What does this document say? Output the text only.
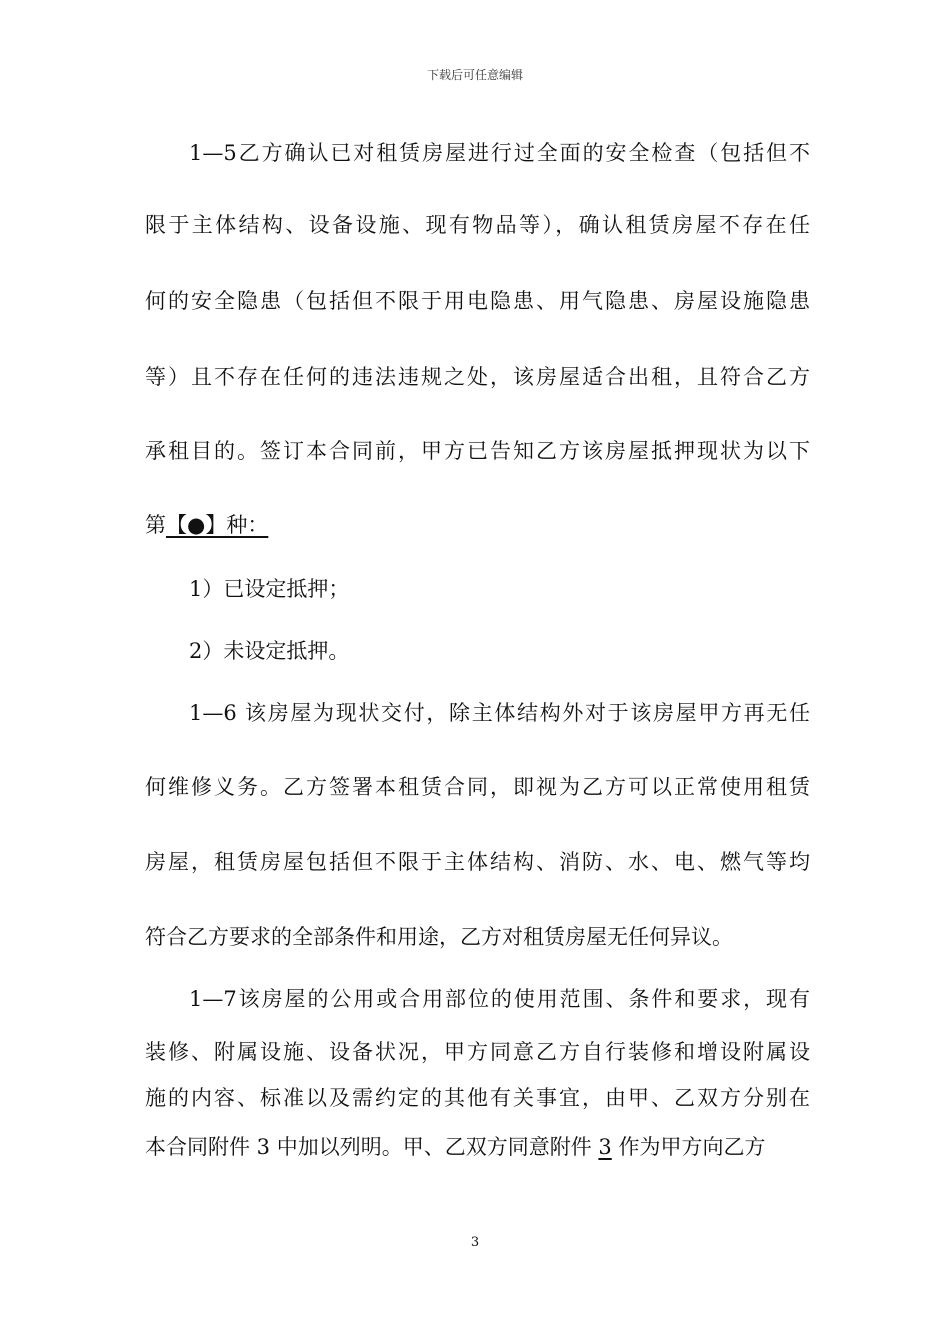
下载后可任意编辑
1—5乙方确认已对租赁房屋进行过全面的安全检查（包括但不
限于主体结构、设备设施、现有物品等），确认租赁房屋不存在任
何的安全隐患（包括但不限于用电隐患、用气隐患、房屋设施隐患
等）且不存在任何的违法违规之处，该房屋适合出租，且符合乙方
承租目的。签订本合同前，甲方已告知乙方该房屋抵押现状为以下
第【●】种：
1）已设定抵押；
2）未设定抵押。
1—6 该房屋为现状交付，除主体结构外对于该房屋甲方再无任
何维修义务。乙方签署本租赁合同，即视为乙方可以正常使用租赁
房屋，租赁房屋包括但不限于主体结构、消防、水、电、燃气等均
符合乙方要求的全部条件和用途，乙方对租赁房屋无任何异议。
1—7该房屋的公用或合用部位的使用范围、条件和要求，现有
装修、附属设施、设备状况，甲方同意乙方自行装修和增设附属设
施的内容、标准以及需约定的其他有关事宜，由甲、乙双方分别在
本合同附件 3 中加以列明。甲、乙双方同意附件 3 作为甲方向乙方
3
